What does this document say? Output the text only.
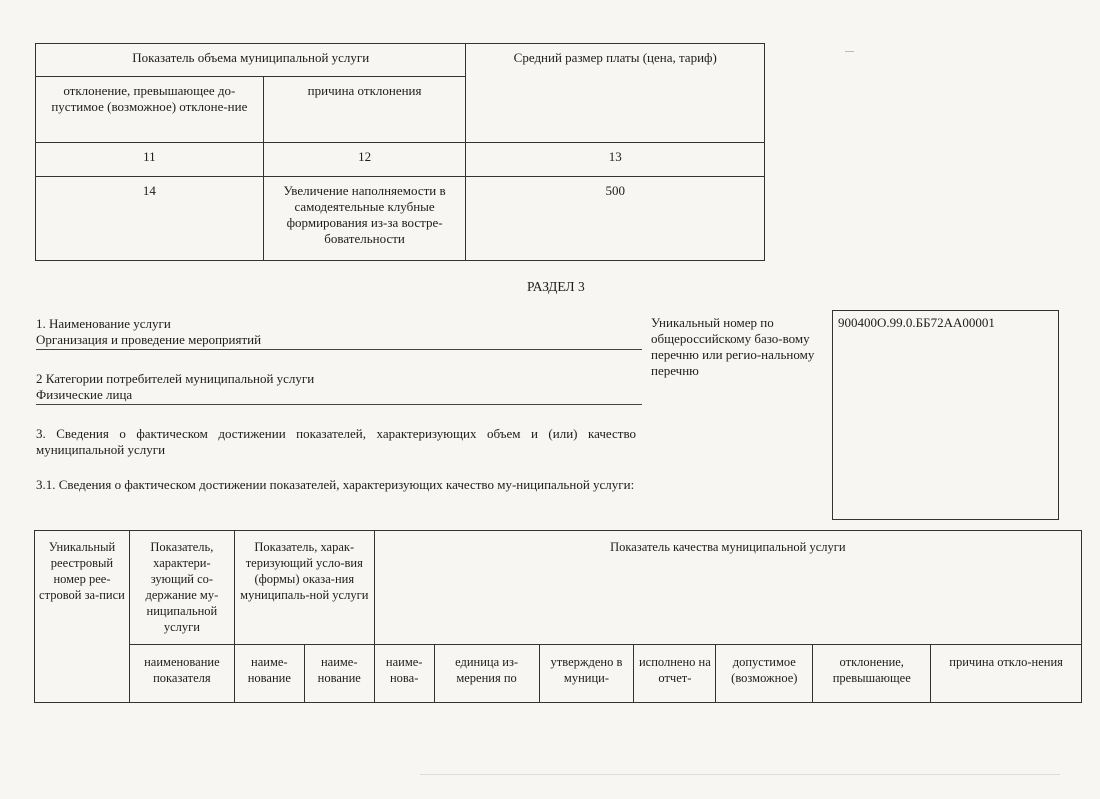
Показатель объема муниципальной услуги		Средний размер платы (цена, тариф)
отклонение, превышающее до-пустимое (возможное) отклоне-ние	причина отклонения	
11	12	13
14	Увеличение наполняемости в самодеятельные клубные формирования из-за востре-бовательности	500
РАЗДЕЛ 3
1. Наименование услуги
Организация и проведение мероприятий
2 Категории потребителей муниципальной услуги
Физические лица
3. Сведения о фактическом достижении показателей, характеризующих объем и (или) качество муниципальной услуги
3.1. Сведения о фактическом достижении показателей, характеризующих качество му-ниципальной услуги:
Уникальный номер по общероссийскому базо-вому перечню или регио-нальному перечню
900400О.99.0.ББ72АА00001
Уникальный реестровый номер рее-стровой за-писи	Показатель, характери-зующий со-держание му-ниципальной услуги	Показатель, харак-теризующий усло-вия (формы) оказа-ния муниципаль-ной услуги		Показатель качества муниципальной услуги						
	наименование показателя	наиме-нование	наиме-нование	наиме-нова-	единица из-мерения по	утверждено в муници-	исполнено на отчет-	допустимое (возможное)	отклонение, превышающее	причина откло-нения
